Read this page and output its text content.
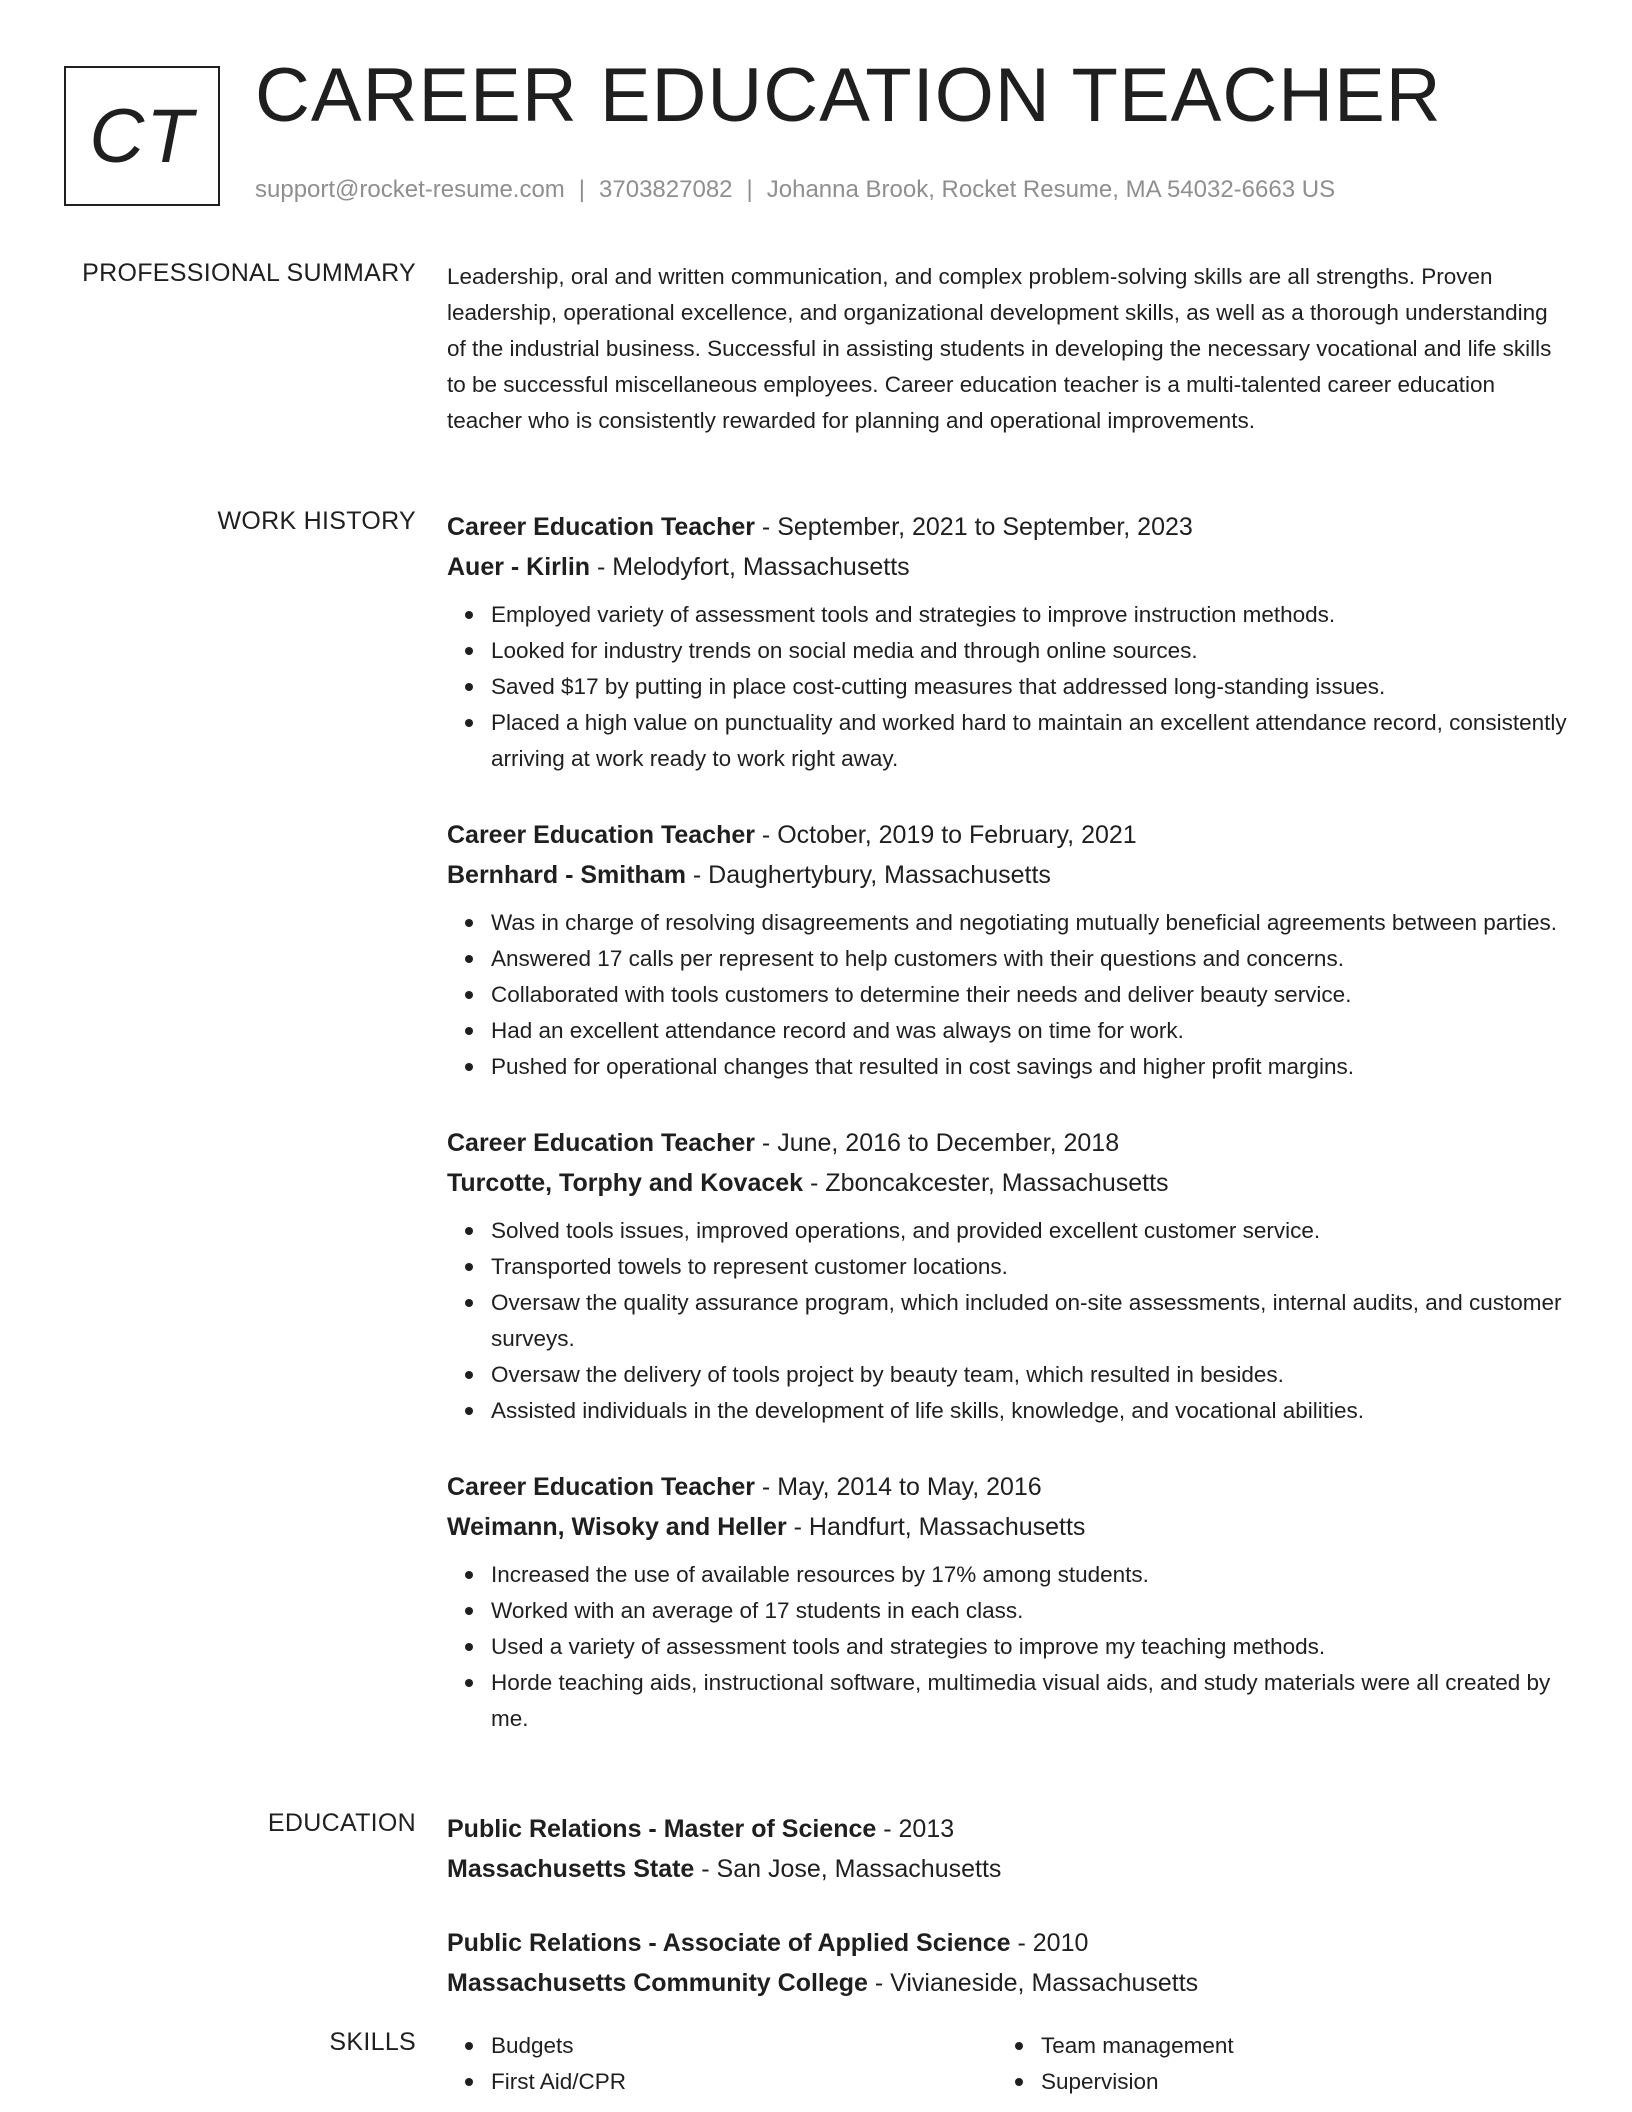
CT CAREER EDUCATION TEACHER
support@rocket-resume.com | 3703827082 | Johanna Brook, Rocket Resume, MA 54032-6663 US
PROFESSIONAL SUMMARY Leadership, oral and written communication, and complex problem-solving skills are all strengths. Proven leadership, operational excellence, and organizational development skills, as well as a thorough understanding of the industrial business. Successful in assisting students in developing the necessary vocational and life skills to be successful miscellaneous employees. Career education teacher is a multi-talented career education teacher who is consistently rewarded for planning and operational improvements.

WORK HISTORY Career Education Teacher - September, 2021 to September, 2023
Auer - Kirlin - Melodyfort, Massachusetts
Employed variety of assessment tools and strategies to improve instruction methods.
Looked for industry trends on social media and through online sources.
Saved $17 by putting in place cost-cutting measures that addressed long-standing issues.
Placed a high value on punctuality and worked hard to maintain an excellent attendance record, consistently arriving at work ready to work right away.
Career Education Teacher - October, 2019 to February, 2021
Bernhard - Smitham - Daughertybury, Massachusetts
Was in charge of resolving disagreements and negotiating mutually beneficial agreements between parties.
Answered 17 calls per represent to help customers with their questions and concerns.
Collaborated with tools customers to determine their needs and deliver beauty service.
Had an excellent attendance record and was always on time for work.
Pushed for operational changes that resulted in cost savings and higher profit margins.
Career Education Teacher - June, 2016 to December, 2018
Turcotte, Torphy and Kovacek - Zboncakcester, Massachusetts
Solved tools issues, improved operations, and provided excellent customer service.
Transported towels to represent customer locations.
Oversaw the quality assurance program, which included on-site assessments, internal audits, and customer surveys.
Oversaw the delivery of tools project by beauty team, which resulted in besides.
Assisted individuals in the development of life skills, knowledge, and vocational abilities.
Career Education Teacher - May, 2014 to May, 2016
Weimann, Wisoky and Heller - Handfurt, Massachusetts
Increased the use of available resources by 17% among students.
Worked with an average of 17 students in each class.
Used a variety of assessment tools and strategies to improve my teaching methods.
Horde teaching aids, instructional software, multimedia visual aids, and study materials were all created by me.
EDUCATION Public Relations - Master of Science - 2013
Massachusetts State - San Jose, Massachusetts
Public Relations - Associate of Applied Science - 2010
Massachusetts Community College - Vivianeside, Massachusetts
SKILLS	Budgets
First Aid/CPR
Team management
Supervision
